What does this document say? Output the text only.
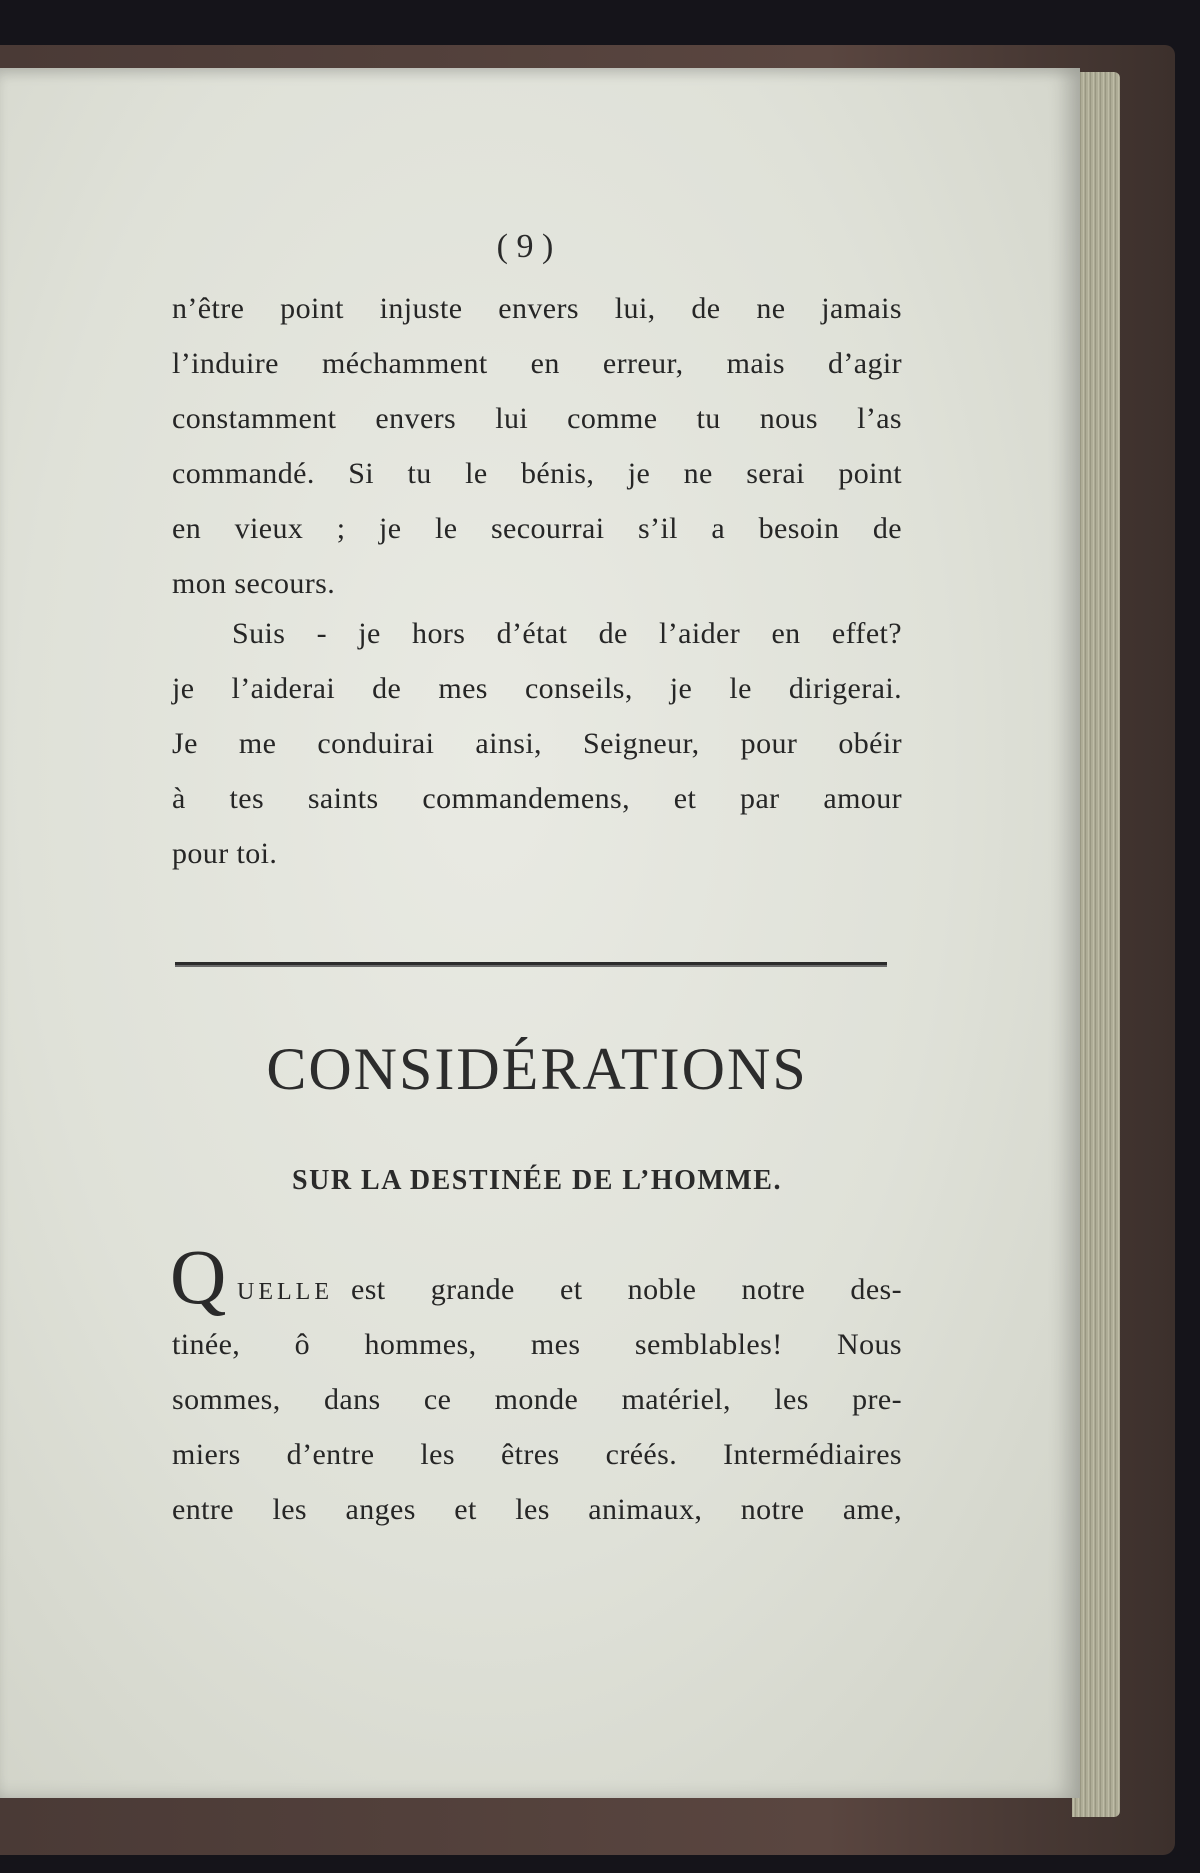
( 9 )
n’être point injuste envers lui, de ne jamais
l’induire méchamment en erreur, mais d’agir
constamment envers lui comme tu nous l’as
commandé. Si tu le bénis, je ne serai point
en vieux ; je le secourrai s’il a besoin de
mon secours.
Suis - je hors d’état de l’aider en effet?
je l’aiderai de mes conseils, je le dirigerai.
Je me conduirai ainsi, Seigneur, pour obéir
à tes saints commandemens, et par amour
pour toi.
CONSIDÉRATIONS
SUR LA DESTINÉE DE L’HOMME.
Q UELLE est grande et noble notre des-
tinée, ô hommes, mes semblables! Nous
sommes, dans ce monde matériel, les pre-
miers d’entre les êtres créés. Intermédiaires
entre les anges et les animaux, notre ame,
